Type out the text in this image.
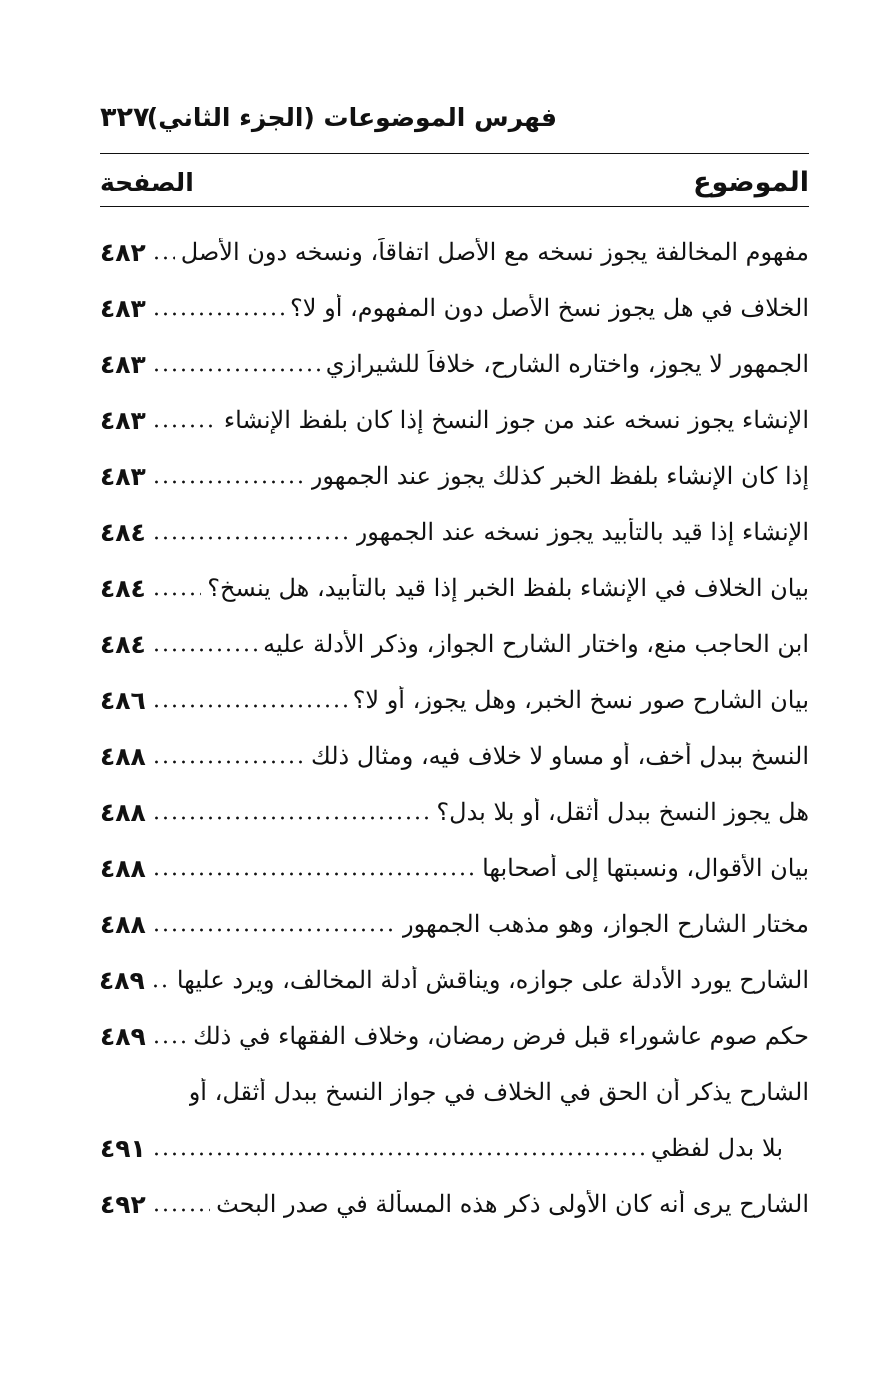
فهرس الموضوعات (الجزء الثاني)
٣٢٧
الموضوع
الصفحة
مفهوم المخالفة يجوز نسخه مع الأصل اتفاقاً، ونسخه دون الأصل
٤٨٢
الخلاف في هل يجوز نسخ الأصل دون المفهوم، أو لا؟
٤٨٣
الجمهور لا يجوز، واختاره الشارح، خلافاً للشيرازي
٤٨٣
الإنشاء يجوز نسخه عند من جوز النسخ إذا كان بلفظ الإنشاء
٤٨٣
إذا كان الإنشاء بلفظ الخبر كذلك يجوز عند الجمهور
٤٨٣
الإنشاء إذا قيد بالتأبيد يجوز نسخه عند الجمهور
٤٨٤
بيان الخلاف في الإنشاء بلفظ الخبر إذا قيد بالتأبيد، هل ينسخ؟
٤٨٤
ابن الحاجب منع، واختار الشارح الجواز، وذكر الأدلة عليه
٤٨٤
بيان الشارح صور نسخ الخبر، وهل يجوز، أو لا؟
٤٨٦
النسخ ببدل أخف، أو مساو لا خلاف فيه، ومثال ذلك
٤٨٨
هل يجوز النسخ ببدل أثقل، أو بلا بدل؟
٤٨٨
بيان الأقوال، ونسبتها إلى أصحابها
٤٨٨
مختار الشارح الجواز، وهو مذهب الجمهور
٤٨٨
الشارح يورد الأدلة على جوازه، ويناقش أدلة المخالف، ويرد عليها
٤٨٩
حكم صوم عاشوراء قبل فرض رمضان، وخلاف الفقهاء في ذلك
٤٨٩
الشارح يذكر أن الحق في الخلاف في جواز النسخ ببدل أثقل، أو
بلا بدل لفظي
٤٩١
الشارح يرى أنه كان الأولى ذكر هذه المسألة في صدر البحث
٤٩٢
